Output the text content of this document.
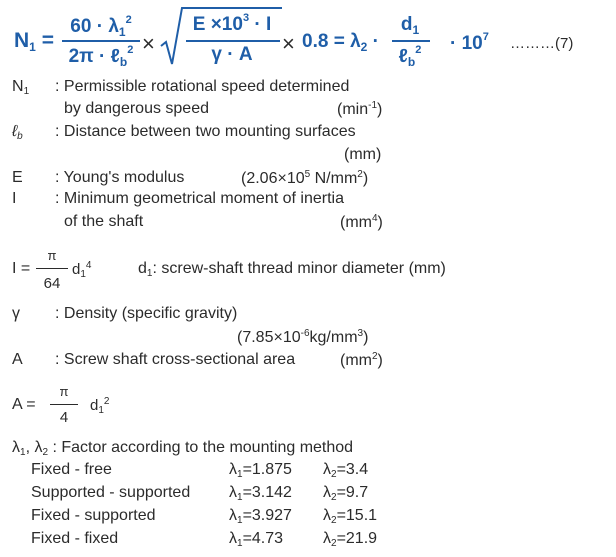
N1 =
$60 \cdot \lambda_1^2$
2π · ℓ$_b^2$ ×
$E \times 10^3 \cdot I$
γ · A	× $0.8 = \lambda_2$ ·
$d_1$
ℓ$_b^2$	· $10^7$ ………(7)
$N_1$ : Permissible rotational speed determined
by dangerous speed	$(\min^{-1})$
ℓ$_b$ : Distance between two mounting surfaces
(mm)
E : Young's modulus	($2.06\times 10^5$ $N/mm^2$)
I : Minimum geometrical moment of inertia
of the shaft	$(mm^4)$
I =
π
64
$d_1^4$	$d_1$: screw-shaft thread minor diameter (mm)
γ : Density (specific gravity)
$(7.85\times 10^{-6}kg/mm^3)$
A : Screw shaft cross-sectional area	$(mm^2)$
A =
π
4
$d_1^2$
$\lambda_1$, $\lambda_2$ : Factor according to the mounting method
Fixed - free	$\lambda_1=1.875$ $\lambda_2=3.4$
Supported - supported $\lambda_1=3.142$ $\lambda_2=9.7$
Fixed - supported	$\lambda_1=3.927$ $\lambda_2=15.1$
Fixed - fixed	$\lambda_1=4.73$ $\lambda_2=21.9$
